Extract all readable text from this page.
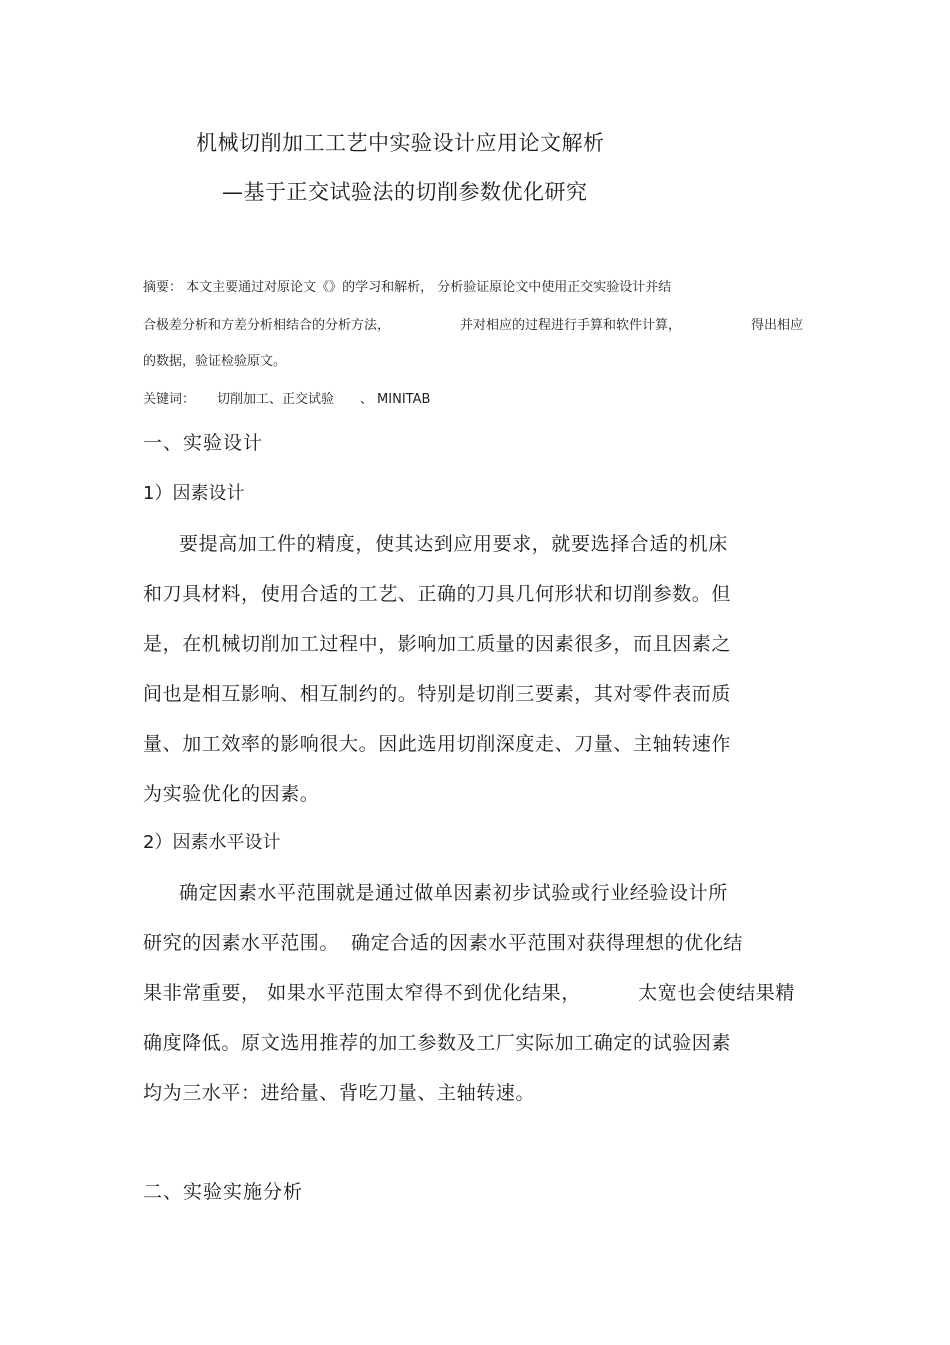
机械切削加工工艺中实验设计应用论文解析
—基于正交试验法的切削参数优化研究
摘要： 本文主要通过对原论文《》的学习和解析， 分析验证原论文中使用正交实验设计并结
合极差分析和方差分析相结合的分析方法，	并对相应的过程进行手算和软件计算，	得出相应
的数据，验证检验原文。
关键词： 切削加工、正交试验 、 MINITAB
一、实验设计
1）因素设计
要提高加工件的精度，使其达到应用要求，就要选择合适的机床
和刀具材料，使用合适的工艺、正确的刀具几何形状和切削参数。但
是，在机械切削加工过程中，影响加工质量的因素很多，而且因素之
间也是相互影响、相互制约的。特别是切削三要素，其对零件表而质
量、加工效率的影响很大。因此选用切削深度走、刀量、主轴转速作
为实验优化的因素。
2）因素水平设计
确定因素水平范围就是通过做单因素初步试验或行业经验设计所
研究的因素水平范围。 确定合适的因素水平范围对获得理想的优化结
果非常重要， 如果水平范围太窄得不到优化结果，	太宽也会使结果精
确度降低。原文选用推荐的加工参数及工厂实际加工确定的试验因素
均为三水平：进给量、背吃刀量、主轴转速。
二、实验实施分析
